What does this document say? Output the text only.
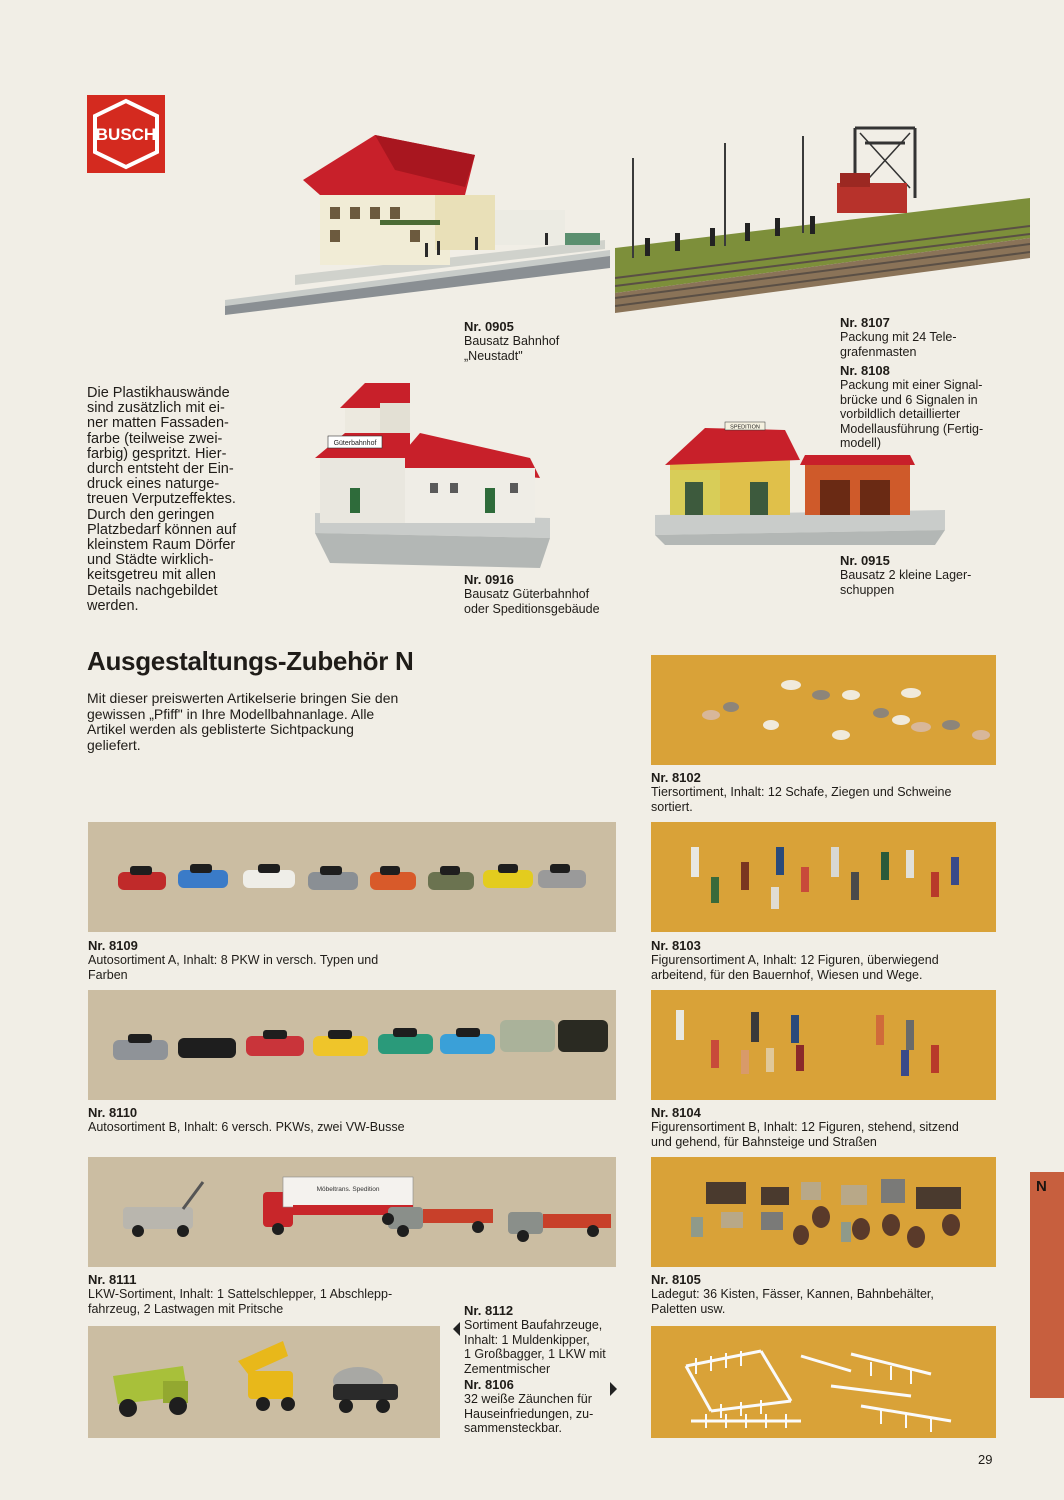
BUSCH
Nr. 0905
Bausatz Bahnhof
„Neustadt"
Nr. 8107
Packung mit 24 Tele-
grafenmasten
Nr. 8108
Packung mit einer Signal-
brücke und 6 Signalen in
vorbildlich detaillierter
Modellausführung (Fertig-
modell)
Die Plastikhauswände
sind zusätzlich mit ei-
ner matten Fassaden-
farbe (teilweise zwei-
farbig) gespritzt. Hier-
durch entsteht der Ein-
druck eines naturge-
treuen Verputzeffektes.
Durch den geringen
Platzbedarf können auf
kleinstem Raum Dörfer
und Städte wirklich-
keitsgetreu mit allen
Details nachgebildet
werden.
Güterbahnhof
SPEDITION
Nr. 0916
Bausatz Güterbahnhof
oder Speditionsgebäude
Nr. 0915
Bausatz 2 kleine Lager-
schuppen
Ausgestaltungs-Zubehör N
Mit dieser preiswerten Artikelserie bringen Sie den
gewissen „Pfiff" in Ihre Modellbahnanlage. Alle
Artikel werden als geblisterte Sichtpackung
geliefert.
Nr. 8102
Tiersortiment, Inhalt: 12 Schafe, Ziegen und Schweine
sortiert.
Nr. 8109
Autosortiment A, Inhalt: 8 PKW in versch. Typen und
Farben
Nr. 8103
Figurensortiment A, Inhalt: 12 Figuren, überwiegend
arbeitend, für den Bauernhof, Wiesen und Wege.
Nr. 8110
Autosortiment B, Inhalt: 6 versch. PKWs, zwei VW-Busse
Nr. 8104
Figurensortiment B, Inhalt: 12 Figuren, stehend, sitzend
und gehend, für Bahnsteige und Straßen
Möbeltrans. Spedition
Nr. 8111
LKW-Sortiment, Inhalt: 1 Sattelschlepper, 1 Abschlepp-
fahrzeug, 2 Lastwagen mit Pritsche
Nr. 8105
Ladegut: 36 Kisten, Fässer, Kannen, Bahnbehälter,
Paletten usw.
Nr. 8112
Sortiment Baufahrzeuge,
Inhalt: 1 Muldenkipper,
1 Großbagger, 1 LKW mit
Zementmischer
Nr. 8106
32 weiße Zäunchen für
Hauseinfriedungen, zu-
sammensteckbar.
N
29
